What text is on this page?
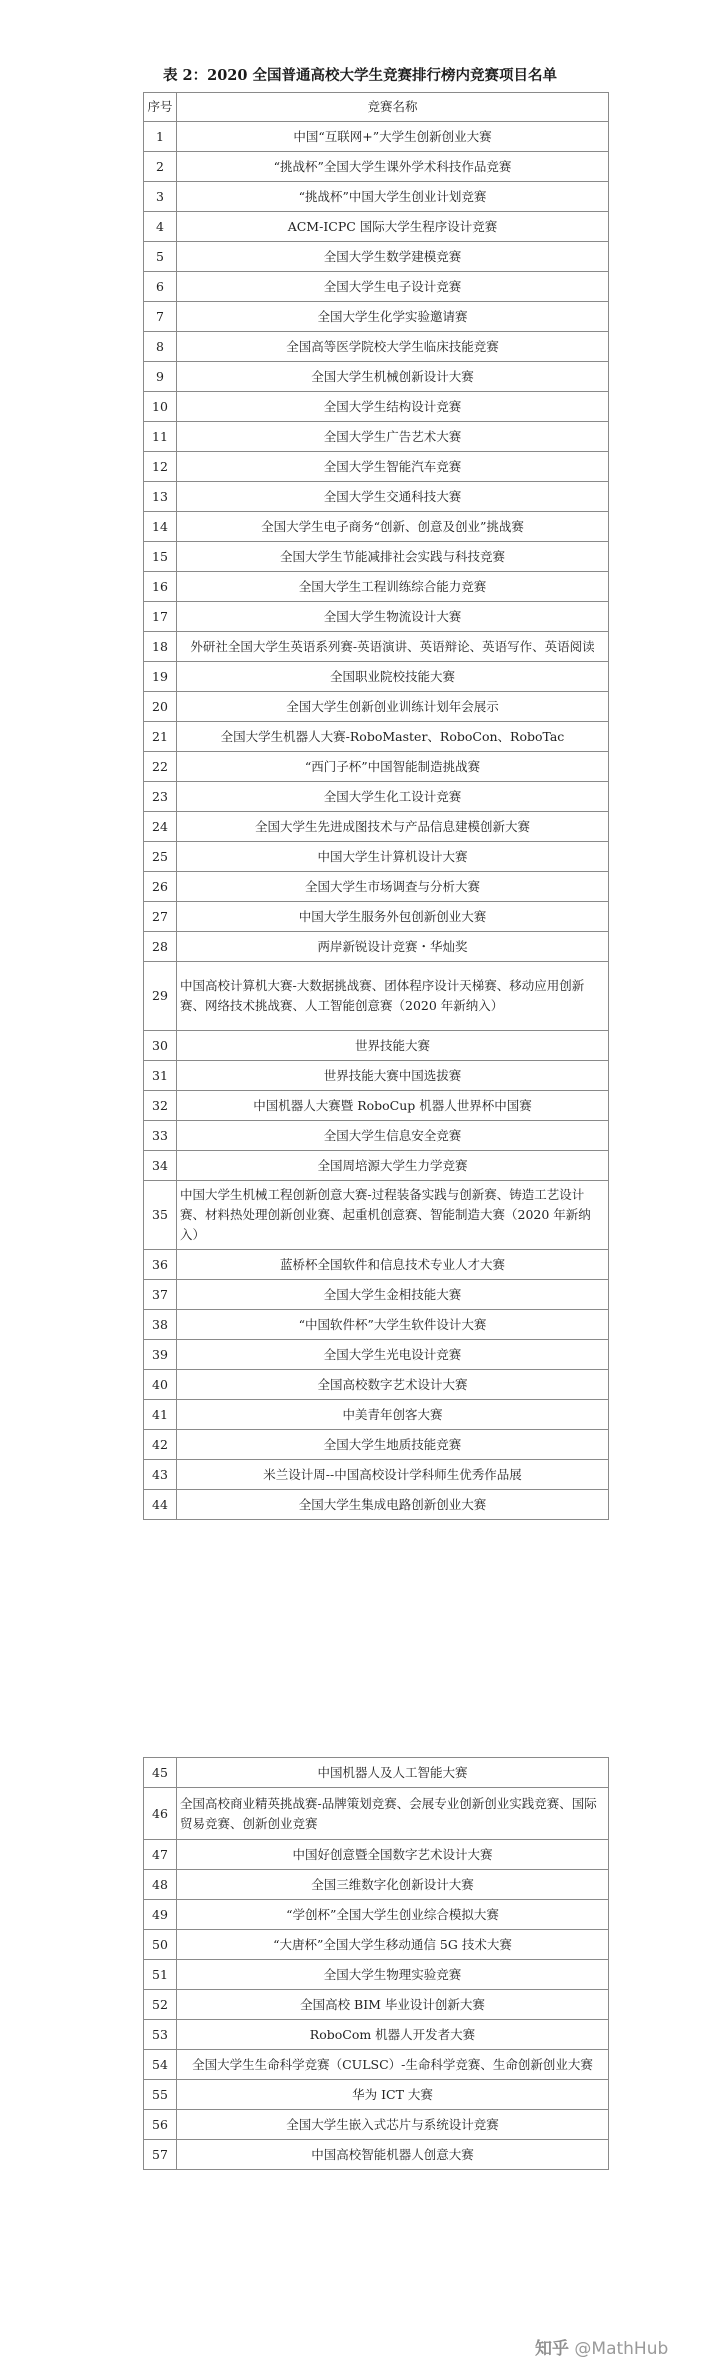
表 2：2020 全国普通高校大学生竞赛排行榜内竞赛项目名单
序号	竞赛名称
1	中国“互联网+”大学生创新创业大赛
2	“挑战杯”全国大学生课外学术科技作品竞赛
3	“挑战杯”中国大学生创业计划竞赛
4	ACM-ICPC 国际大学生程序设计竞赛
5	全国大学生数学建模竞赛
6	全国大学生电子设计竞赛
7	全国大学生化学实验邀请赛
8	全国高等医学院校大学生临床技能竞赛
9	全国大学生机械创新设计大赛
10	全国大学生结构设计竞赛
11	全国大学生广告艺术大赛
12	全国大学生智能汽车竞赛
13	全国大学生交通科技大赛
14	全国大学生电子商务“创新、创意及创业”挑战赛
15	全国大学生节能减排社会实践与科技竞赛
16	全国大学生工程训练综合能力竞赛
17	全国大学生物流设计大赛
18	外研社全国大学生英语系列赛-英语演讲、英语辩论、英语写作、英语阅读
19	全国职业院校技能大赛
20	全国大学生创新创业训练计划年会展示
21	全国大学生机器人大赛-RoboMaster、RoboCon、RoboTac
22	“西门子杯”中国智能制造挑战赛
23	全国大学生化工设计竞赛
24	全国大学生先进成图技术与产品信息建模创新大赛
25	中国大学生计算机设计大赛
26	全国大学生市场调查与分析大赛
27	中国大学生服务外包创新创业大赛
28	两岸新锐设计竞赛・华灿奖
29	中国高校计算机大赛-大数据挑战赛、团体程序设计天梯赛、移动应用创新赛、网络技术挑战赛、人工智能创意赛（2020 年新纳入）
30	世界技能大赛
31	世界技能大赛中国选拔赛
32	中国机器人大赛暨 RoboCup 机器人世界杯中国赛
33	全国大学生信息安全竞赛
34	全国周培源大学生力学竞赛
35	中国大学生机械工程创新创意大赛-过程装备实践与创新赛、铸造工艺设计赛、材料热处理创新创业赛、起重机创意赛、智能制造大赛（2020 年新纳入）
36	蓝桥杯全国软件和信息技术专业人才大赛
37	全国大学生金相技能大赛
38	“中国软件杯”大学生软件设计大赛
39	全国大学生光电设计竞赛
40	全国高校数字艺术设计大赛
41	中美青年创客大赛
42	全国大学生地质技能竞赛
43	米兰设计周--中国高校设计学科师生优秀作品展
44	全国大学生集成电路创新创业大赛
45	中国机器人及人工智能大赛
46	全国高校商业精英挑战赛-品牌策划竞赛、会展专业创新创业实践竞赛、国际贸易竞赛、创新创业竞赛
47	中国好创意暨全国数字艺术设计大赛
48	全国三维数字化创新设计大赛
49	“学创杯”全国大学生创业综合模拟大赛
50	“大唐杯”全国大学生移动通信 5G 技术大赛
51	全国大学生物理实验竞赛
52	全国高校 BIM 毕业设计创新大赛
53	RoboCom 机器人开发者大赛
54	全国大学生生命科学竞赛（CULSC）-生命科学竞赛、生命创新创业大赛
55	华为 ICT 大赛
56	全国大学生嵌入式芯片与系统设计竞赛
57	中国高校智能机器人创意大赛
知乎 @MathHub
